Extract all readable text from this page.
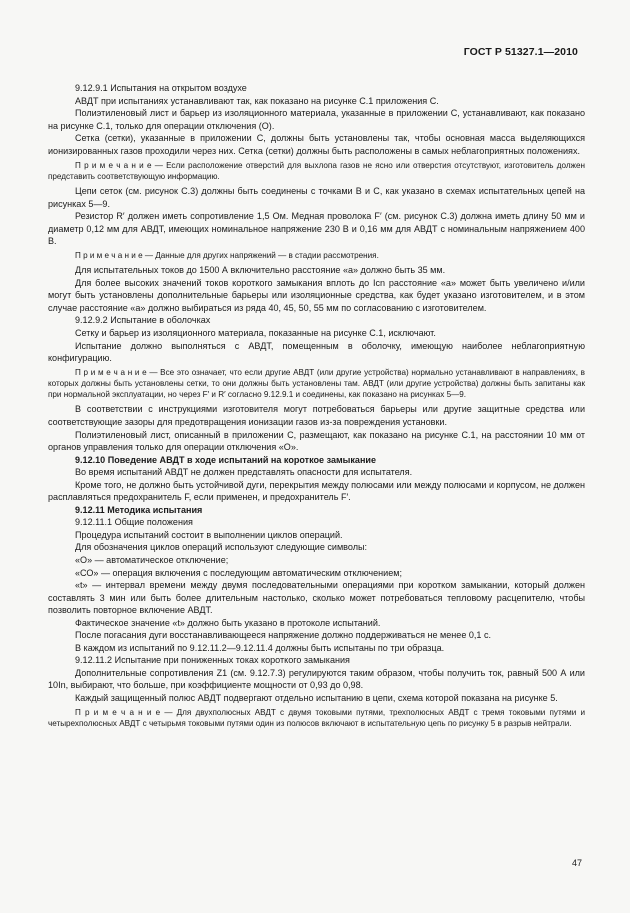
ГОСТ Р 51327.1—2010

9.12.9.1 Испытания на открытом воздухе

АВДТ при испытаниях устанавливают так, как показано на рисунке С.1 приложения С.

Полиэтиленовый лист и барьер из изоляционного материала, указанные в приложении С, устанавливают, как показано на рисунке С.1, только для операции отключения (О).

Сетка (сетки), указанные в приложении С, должны быть установлены так, чтобы основная масса выделяющихся ионизированных газов проходили через них. Сетка (сетки) должны быть расположены в самых неблагоприятных положениях.

П р и м е ч а н и е — Если расположение отверстий для выхлопа газов не ясно или отверстия отсутствуют, изготовитель должен представить соответствующую информацию.

Цепи сеток (см. рисунок С.3) должны быть соединены с точками В и С, как указано в схемах испытательных цепей на рисунках 5—9.

Резистор R′ должен иметь сопротивление 1,5 Ом. Медная проволока F′ (см. рисунок С.3) должна иметь длину 50 мм и диаметр 0,12 мм для АВДТ, имеющих номинальное напряжение 230 В и 0,16 мм для АВДТ с номинальным напряжением 400 В.

П р и м е ч а н и е — Данные для других напряжений — в стадии рассмотрения.

Для испытательных токов до 1500 А включительно расстояние «а» должно быть 35 мм.

Для более высоких значений токов короткого замыкания вплоть до Icn расстояние «а» может быть увеличено и/или могут быть установлены дополнительные барьеры или изоляционные средства, как будет указано изготовителем, и в этом случае расстояние «а» должно выбираться из ряда 40, 45, 50, 55 мм по согласованию с изготовителем.

9.12.9.2 Испытание в оболочках

Сетку и барьер из изоляционного материала, показанные на рисунке С.1, исключают.

Испытание должно выполняться с АВДТ, помещенным в оболочку, имеющую наиболее неблагоприятную конфигурацию.

П р и м е ч а н и е — Все это означает, что если другие АВДТ (или другие устройства) нормально устанавливают в направлениях, в которых должны быть установлены сетки, то они должны быть установлены там. АВДТ (или другие устройства) должны быть запитаны как при нормальной эксплуатации, но через F′ и R′ согласно 9.12.9.1 и соединены, как показано на рисунках 5—9.

В соответствии с инструкциями изготовителя могут потребоваться барьеры или другие защитные средства или соответствующие зазоры для предотвращения ионизации газов из-за повреждения установки.

Полиэтиленовый лист, описанный в приложении С, размещают, как показано на рисунке С.1, на расстоянии 10 мм от органов управления только для операции отключения «О».

9.12.10 Поведение АВДТ в ходе испытаний на короткое замыкание

Во время испытаний АВДТ не должен представлять опасности для испытателя.

Кроме того, не должно быть устойчивой дуги, перекрытия между полюсами или между полюсами и корпусом, не должен расплавляться предохранитель F, если применен, и предохранитель F′.

9.12.11 Методика испытания

9.12.11.1 Общие положения

Процедура испытаний состоит в выполнении циклов операций.

Для обозначения циклов операций используют следующие символы:

«О» — автоматическое отключение;

«СО» — операция включения с последующим автоматическим отключением;

«t» — интервал времени между двумя последовательными операциями при коротком замыкании, который должен составлять 3 мин или быть более длительным настолько, сколько может потребоваться тепловому расцепителю, чтобы позволить повторное включение АВДТ.

Фактическое значение «t» должно быть указано в протоколе испытаний.

После погасания дуги восстанавливающееся напряжение должно поддерживаться не менее 0,1 с.

В каждом из испытаний по 9.12.11.2—9.12.11.4 должны быть испытаны по три образца.

9.12.11.2 Испытание при пониженных токах короткого замыкания

Дополнительные сопротивления Z1 (см. 9.12.7.3) регулируются таким образом, чтобы получить ток, равный 500 А или 10In, выбирают, что больше, при коэффициенте мощности от 0,93 до 0,98.

Каждый защищенный полюс АВДТ подвергают отдельно испытанию в цепи, схема которой показана на рисунке 5.

П р и м е ч а н и е — Для двухполюсных АВДТ с двумя токовыми путями, трехполюсных АВДТ с тремя токовыми путями и четырехполюсных АВДТ с четырьмя токовыми путями один из полюсов включают в испытательную цепь по рисунку 5 в разрыв нейтрали.

47
